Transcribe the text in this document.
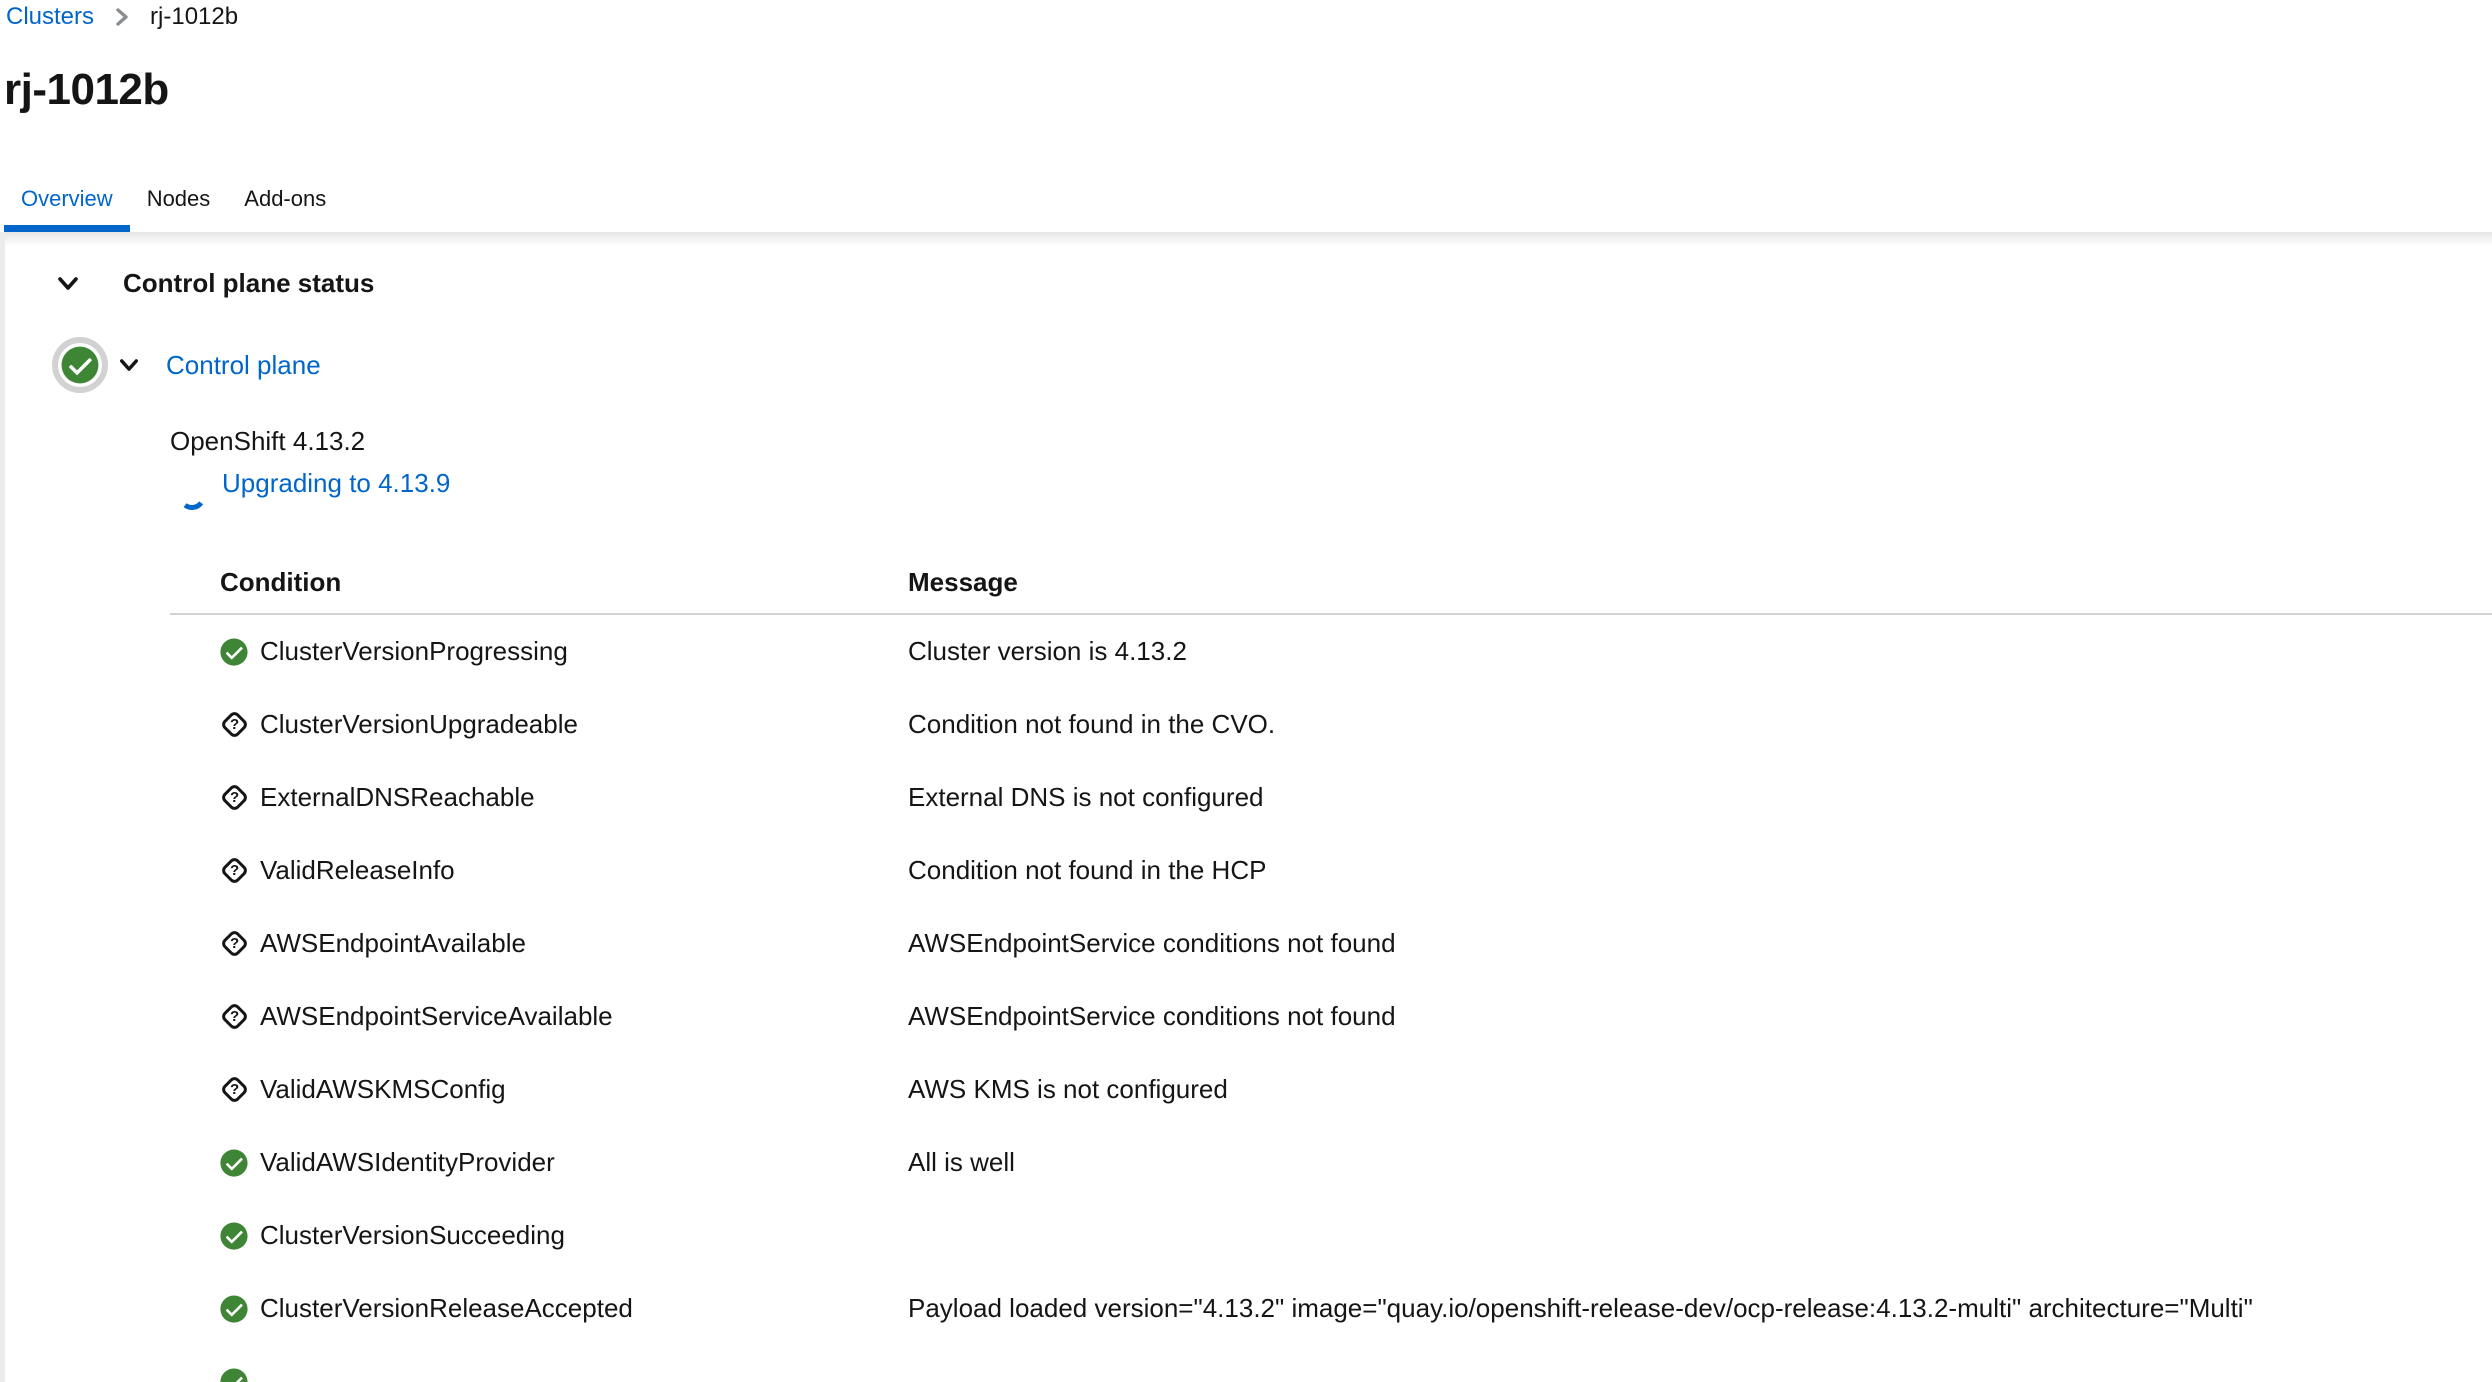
Clusters rj-1012b
rj-1012b
Overview	Nodes	Add-ons
Control plane status
Control plane
OpenShift 4.13.2
Upgrading to 4.13.9
Condition	Message
ClusterVersionProgressing	Cluster version is 4.13.2
? ClusterVersionUpgradeable	Condition not found in the CVO.
? ExternalDNSReachable	External DNS is not configured
? ValidReleaseInfo	Condition not found in the HCP
? AWSEndpointAvailable	AWSEndpointService conditions not found
? AWSEndpointServiceAvailable	AWSEndpointService conditions not found
? ValidAWSKMSConfig	AWS KMS is not configured
ValidAWSIdentityProvider	All is well
ClusterVersionSucceeding
ClusterVersionReleaseAccepted	Payload loaded version="4.13.2" image="quay.io/openshift-release-dev/ocp-release:4.13.2-multi" architecture="Multi"
